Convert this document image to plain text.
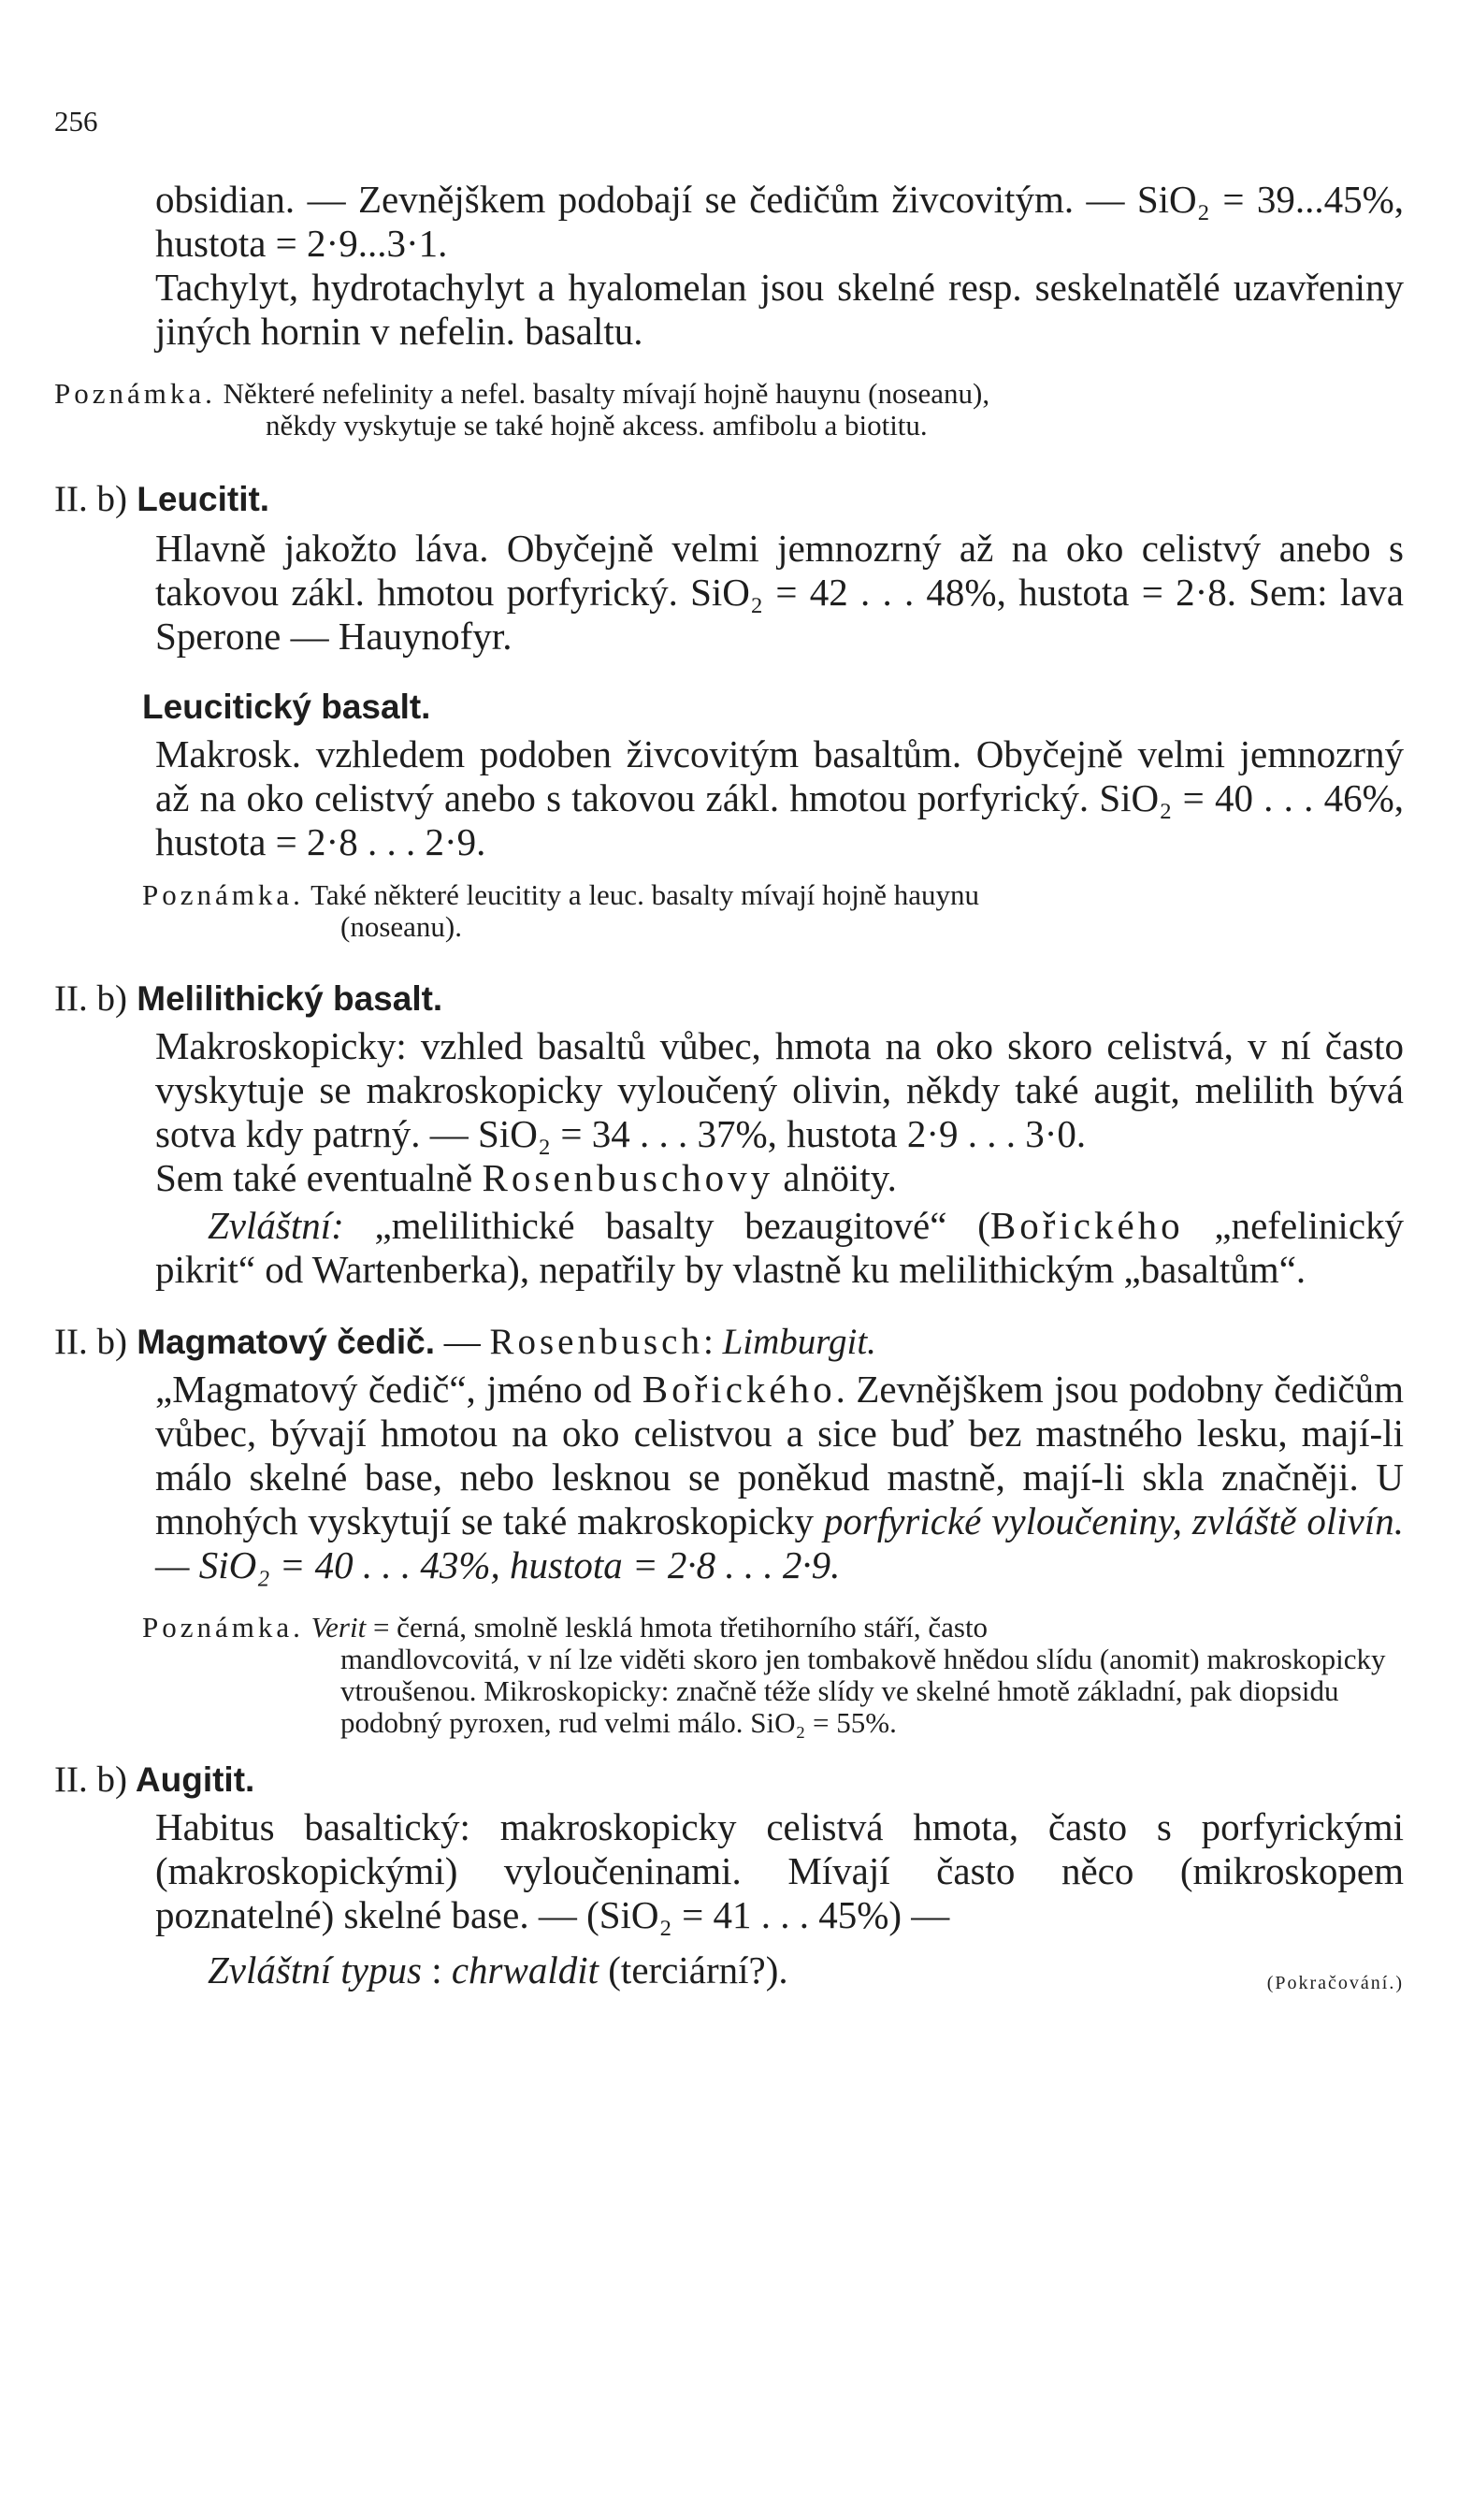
256

obsidian. — Zevnějškem podobají se čedičům živcovitým. — SiO₂ = 39...45%, hustota = 2·9...3·1.

Tachylyt, hydrotachylyt a hyalomelan jsou skelné resp. seskelnatělé uzavřeniny jiných hornin v nefelin. basaltu.

Poznámka. Některé nefelinity a nefel. basalty mívají hojně hauynu (noseanu),
někdy vyskytuje se také hojně akcess. amfibolu a biotitu.

II. b) Leucitit.

Hlavně jakožto láva. Obyčejně velmi jemnozrný až na oko celistvý anebo s takovou zákl. hmotou porfyrický. SiO₂ = 42 . . . 48%, hustota = 2·8. Sem: lava Sperone — Hauynofyr.

Leucitický basalt.

Makrosk. vzhledem podoben živcovitým basaltům. Obyčejně velmi jemnozrný až na oko celistvý anebo s takovou zákl. hmotou porfyrický. SiO₂ = 40 . . . 46%, hustota = 2·8 . . . 2·9.

Poznámka. Také některé leucitity a leuc. basalty mívají hojně hauynu
(noseanu).

II. b) Melilithický basalt.

Makroskopicky: vzhled basaltů vůbec, hmota na oko skoro celistvá, v ní často vyskytuje se makroskopicky vyloučený olivin, někdy také augit, melilith bývá sotva kdy patrný. — SiO₂ = 34 . . . 37%, hustota 2·9 . . . 3·0.

Sem také eventualně Rosenbuschovy alnöity.

Zvláštní: „melilithické basalty bezaugitové“ (Bořického „nefelinický pikrit“ od Wartenberka), nepatřily by vlastně ku melilithickým „basaltům“.

II. b) Magmatový čedič. — Rosenbusch: Limburgit.

„Magmatový čedič“, jméno od Bořického. Zevnějškem jsou podobny čedičům vůbec, bývají hmotou na oko celistvou a sice buď bez mastného lesku, mají-li málo skelné base, nebo lesknou se poněkud mastně, mají-li skla značněji. U mnohých vyskytují se také makroskopicky porfyrické vyloučeniny, zvláště olivín. — SiO₂ = 40 . . . 43%, hustota = 2·8 . . . 2·9.

Poznámka. Verit = černá, smolně lesklá hmota třetihorního stáří, často
mandlovcovitá, v ní lze viděti skoro jen tombakově hnědou slídu (anomit) makroskopicky vtroušenou. Mikroskopicky: značně téže slídy ve skelné hmotě základní, pak diopsidu podobný pyroxen, rud velmi málo. SiO₂ = 55%.

II. b) Augitit.

Habitus basaltický: makroskopicky celistvá hmota, často s porfyrickými (makroskopickými) vyloučeninami. Mívají často něco (mikroskopem poznatelné) skelné base. — (SiO₂ = 41 . . . 45%) —

Zvláštní typus : chrwaldit (terciární?).	(Pokračování.)
